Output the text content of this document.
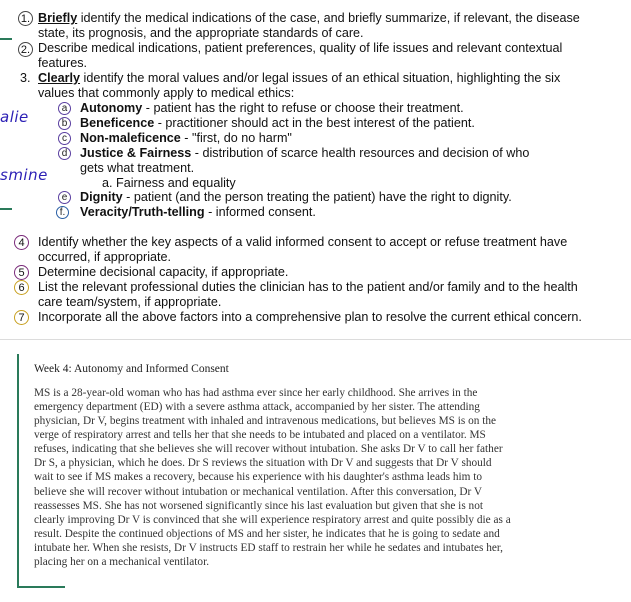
1. Briefly identify the medical indications of the case, and briefly summarize, if relevant, the disease
state, its prognosis, and the appropriate standards of care.
2. Describe medical indications, patient preferences, quality of life issues and relevant contextual
features.
3. Clearly identify the moral values and/or legal issues of an ethical situation, highlighting the six
values that commonly apply to medical ethics:
a Autonomy - patient has the right to refuse or choose their treatment.
b Beneficence - practitioner should act in the best interest of the patient.
c	Non-maleficence - "first, do no harm"
d Justice & Fairness - distribution of scarce health resources and decision of who
gets what treatment.
a. Fairness and equality
e Dignity - patient (and the person treating the patient) have the right to dignity.
f. Veracity/Truth-telling - informed consent.
alie
smine
4	Identify whether the key aspects of a valid informed consent to accept or refuse treatment have
occurred, if appropriate.
5	Determine decisional capacity, if appropriate.
6	List the relevant professional duties the clinician has to the patient and/or family and to the health
care team/system, if appropriate.
7	Incorporate all the above factors into a comprehensive plan to resolve the current ethical concern.
Week 4: Autonomy and Informed Consent
MS is a 28-year-old woman who has had asthma ever since her early childhood. She arrives in the
emergency department (ED) with a severe asthma attack, accompanied by her sister. The attending
physician, Dr V, begins treatment with inhaled and intravenous medications, but believes MS is on the
verge of respiratory arrest and tells her that she needs to be intubated and placed on a ventilator. MS
refuses, indicating that she believes she will recover without intubation. She asks Dr V to call her father
Dr S, a physician, which he does. Dr S reviews the situation with Dr V and suggests that Dr V should
wait to see if MS makes a recovery, because his experience with his daughter's asthma leads him to
believe she will recover without intubation or mechanical ventilation. After this conversation, Dr V
reassesses MS. She has not worsened significantly since his last evaluation but given that she is not
clearly improving Dr V is convinced that she will experience respiratory arrest and quite possibly die as a
result. Despite the continued objections of MS and her sister, he indicates that he is going to sedate and
intubate her. When she resists, Dr V instructs ED staff to restrain her while he sedates and intubates her,
placing her on a mechanical ventilator.
